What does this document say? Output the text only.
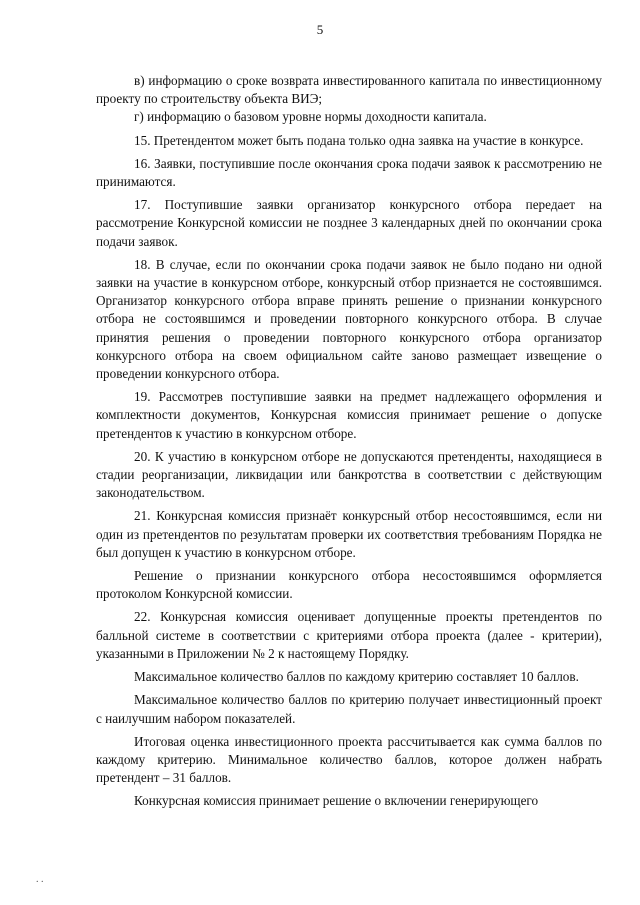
5

в) информацию о сроке возврата инвестированного капитала по инвестиционному проекту по строительству объекта ВИЭ;

г) информацию о базовом уровне нормы доходности капитала.

15. Претендентом может быть подана только одна заявка на участие в конкурсе.

16. Заявки, поступившие после окончания срока подачи заявок к рассмотрению не принимаются.

17. Поступившие заявки организатор конкурсного отбора передает на рассмотрение Конкурсной комиссии не позднее 3 календарных дней по окончании срока подачи заявок.

18. В случае, если по окончании срока подачи заявок не было подано ни одной заявки на участие в конкурсном отборе, конкурсный отбор признается не состоявшимся. Организатор конкурсного отбора вправе принять решение о признании конкурсного отбора не состоявшимся и проведении повторного конкурсного отбора. В случае принятия решения о проведении повторного конкурсного отбора организатор конкурсного отбора на своем официальном сайте заново размещает извещение о проведении конкурсного отбора.

19. Рассмотрев поступившие заявки на предмет надлежащего оформления и комплектности документов, Конкурсная комиссия принимает решение о допуске претендентов к участию в конкурсном отборе.

20. К участию в конкурсном отборе не допускаются претенденты, находящиеся в стадии реорганизации, ликвидации или банкротства в соответствии с действующим законодательством.

21. Конкурсная комиссия признаёт конкурсный отбор несостоявшимся, если ни один из претендентов по результатам проверки их соответствия требованиям Порядка не был допущен к участию в конкурсном отборе.

Решение о признании конкурсного отбора несостоявшимся оформляется протоколом Конкурсной комиссии.

22. Конкурсная комиссия оценивает допущенные проекты претендентов по балльной системе в соответствии с критериями отбора проекта (далее - критерии), указанными в Приложении № 2 к настоящему Порядку.

Максимальное количество баллов по каждому критерию составляет 10 баллов.

Максимальное количество баллов по критерию получает инвестиционный проект с наилучшим набором показателей.

Итоговая оценка инвестиционного проекта рассчитывается как сумма баллов по каждому критерию. Минимальное количество баллов, которое должен набрать претендент – 31 баллов.

Конкурсная комиссия принимает решение о включении генерирующего

. .
